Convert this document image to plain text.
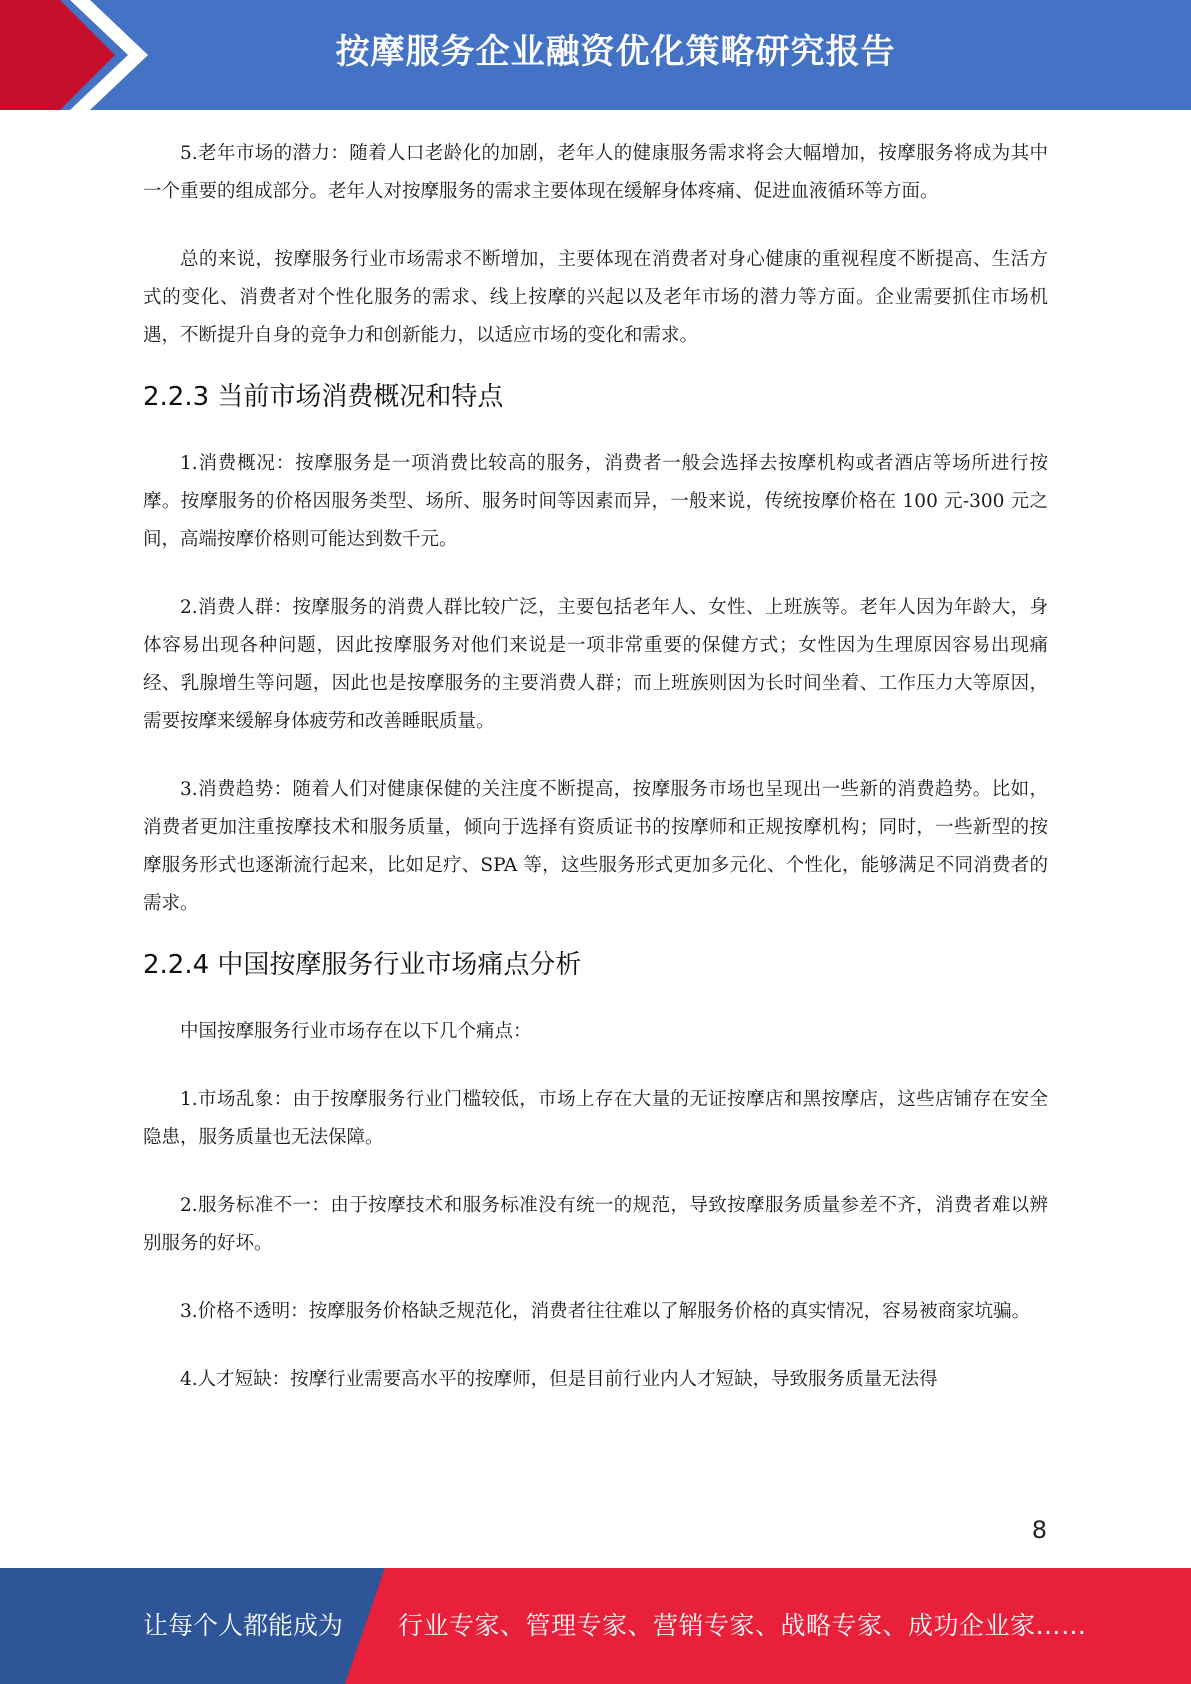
按摩服务企业融资优化策略研究报告

5.老年市场的潜力：随着人口老龄化的加剧，老年人的健康服务需求将会大幅增加，按摩服务将成为其中一个重要的组成部分。老年人对按摩服务的需求主要体现在缓解身体疼痛、促进血液循环等方面。

总的来说，按摩服务行业市场需求不断增加，主要体现在消费者对身心健康的重视程度不断提高、生活方式的变化、消费者对个性化服务的需求、线上按摩的兴起以及老年市场的潜力等方面。企业需要抓住市场机遇，不断提升自身的竞争力和创新能力，以适应市场的变化和需求。

2.2.3 当前市场消费概况和特点

1.消费概况：按摩服务是一项消费比较高的服务，消费者一般会选择去按摩机构或者酒店等场所进行按摩。按摩服务的价格因服务类型、场所、服务时间等因素而异，一般来说，传统按摩价格在 100 元-300 元之间，高端按摩价格则可能达到数千元。

2.消费人群：按摩服务的消费人群比较广泛，主要包括老年人、女性、上班族等。老年人因为年龄大，身体容易出现各种问题，因此按摩服务对他们来说是一项非常重要的保健方式；女性因为生理原因容易出现痛经、乳腺增生等问题，因此也是按摩服务的主要消费人群；而上班族则因为长时间坐着、工作压力大等原因，需要按摩来缓解身体疲劳和改善睡眠质量。

3.消费趋势：随着人们对健康保健的关注度不断提高，按摩服务市场也呈现出一些新的消费趋势。比如，消费者更加注重按摩技术和服务质量，倾向于选择有资质证书的按摩师和正规按摩机构；同时，一些新型的按摩服务形式也逐渐流行起来，比如足疗、SPA 等，这些服务形式更加多元化、个性化，能够满足不同消费者的需求。

2.2.4 中国按摩服务行业市场痛点分析

中国按摩服务行业市场存在以下几个痛点：

1.市场乱象：由于按摩服务行业门槛较低，市场上存在大量的无证按摩店和黑按摩店，这些店铺存在安全隐患，服务质量也无法保障。

2.服务标准不一：由于按摩技术和服务标准没有统一的规范，导致按摩服务质量参差不齐，消费者难以辨别服务的好坏。

3.价格不透明：按摩服务价格缺乏规范化，消费者往往难以了解服务价格的真实情况，容易被商家坑骗。

4.人才短缺：按摩行业需要高水平的按摩师，但是目前行业内人才短缺，导致服务质量无法得

8
让每个人都能成为 行业专家、管理专家、营销专家、战略专家、成功企业家……
